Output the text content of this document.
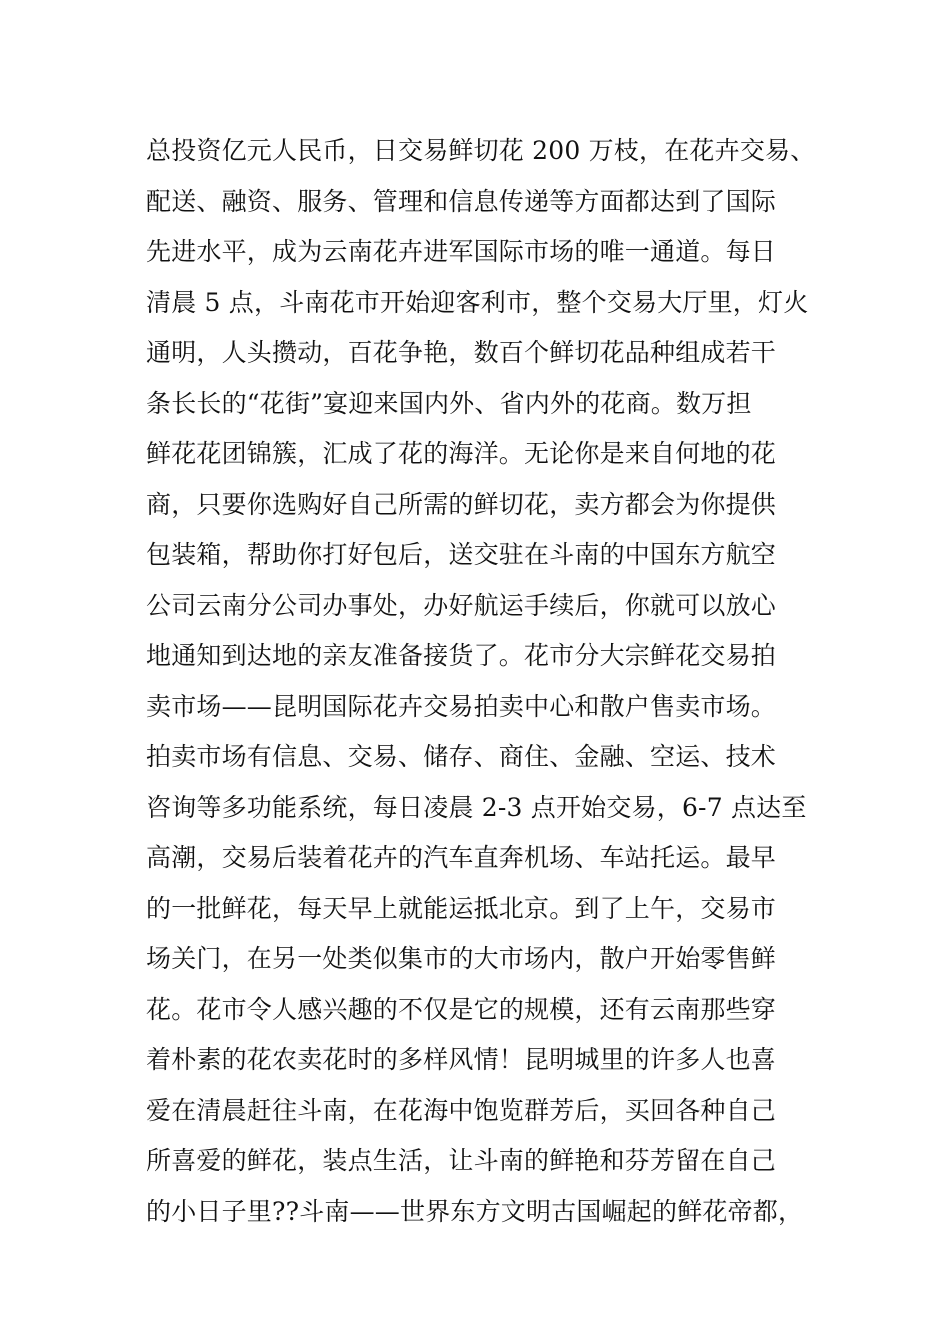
总投资亿元人民币，日交易鲜切花 200 万枝，在花卉交易、
配送、融资、服务、管理和信息传递等方面都达到了国际
先进水平，成为云南花卉进军国际市场的唯一通道。每日
清晨 5 点，斗南花市开始迎客利市，整个交易大厅里，灯火
通明，人头攒动，百花争艳，数百个鲜切花品种组成若干
条长长的“花街”宴迎来国内外、省内外的花商。数万担
鲜花花团锦簇，汇成了花的海洋。无论你是来自何地的花
商，只要你选购好自己所需的鲜切花，卖方都会为你提供
包装箱，帮助你打好包后，送交驻在斗南的中国东方航空
公司云南分公司办事处，办好航运手续后，你就可以放心
地通知到达地的亲友准备接货了。花市分大宗鲜花交易拍
卖市场——昆明国际花卉交易拍卖中心和散户售卖市场。
拍卖市场有信息、交易、储存、商住、金融、空运、技术
咨询等多功能系统，每日凌晨 2-3 点开始交易，6-7 点达至
高潮，交易后装着花卉的汽车直奔机场、车站托运。最早
的一批鲜花，每天早上就能运抵北京。到了上午，交易市
场关门，在另一处类似集市的大市场内，散户开始零售鲜
花。花市令人感兴趣的不仅是它的规模，还有云南那些穿
着朴素的花农卖花时的多样风情！昆明城里的许多人也喜
爱在清晨赶往斗南，在花海中饱览群芳后，买回各种自己
所喜爱的鲜花，装点生活，让斗南的鲜艳和芬芳留在自己
的小日子里??斗南——世界东方文明古国崛起的鲜花帝都，
